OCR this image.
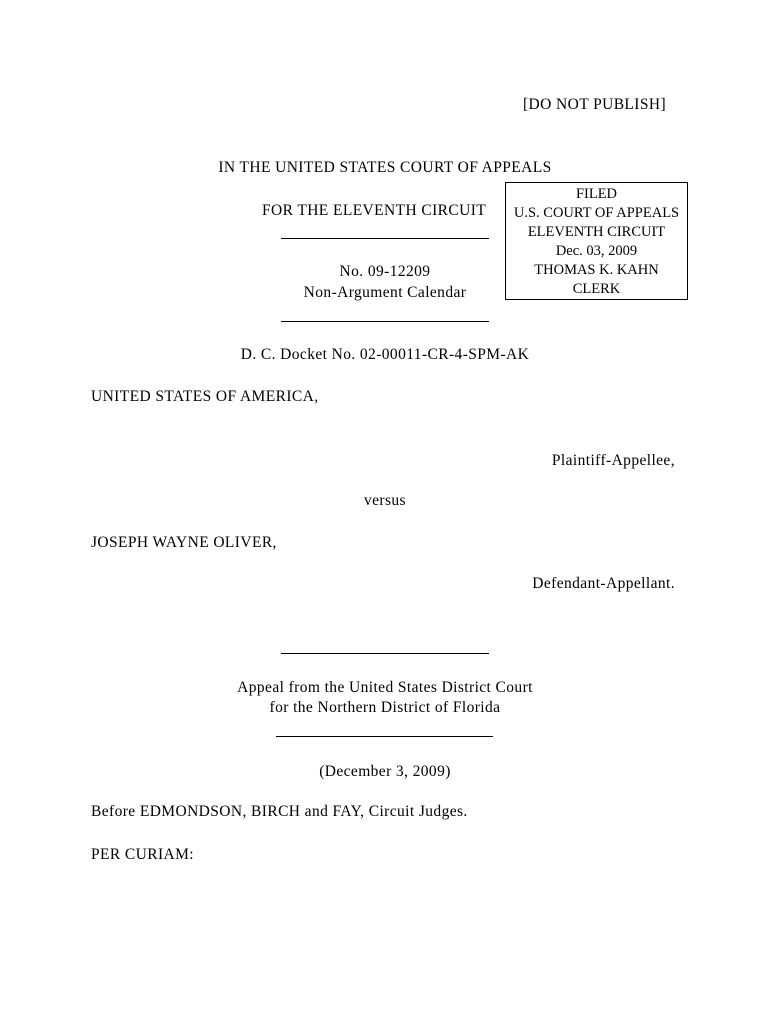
[DO NOT PUBLISH]
IN THE UNITED STATES COURT OF APPEALS
FOR THE ELEVENTH CIRCUIT
No. 09-12209
Non-Argument Calendar
FILED
U.S. COURT OF APPEALS
ELEVENTH CIRCUIT
Dec. 03, 2009
THOMAS K. KAHN
CLERK
D. C. Docket No. 02-00011-CR-4-SPM-AK
UNITED STATES OF AMERICA,
Plaintiff-Appellee,
versus
JOSEPH WAYNE OLIVER,
Defendant-Appellant.
Appeal from the United States District Court
for the Northern District of Florida
(December 3, 2009)
Before EDMONDSON, BIRCH and FAY, Circuit Judges.
PER CURIAM:
